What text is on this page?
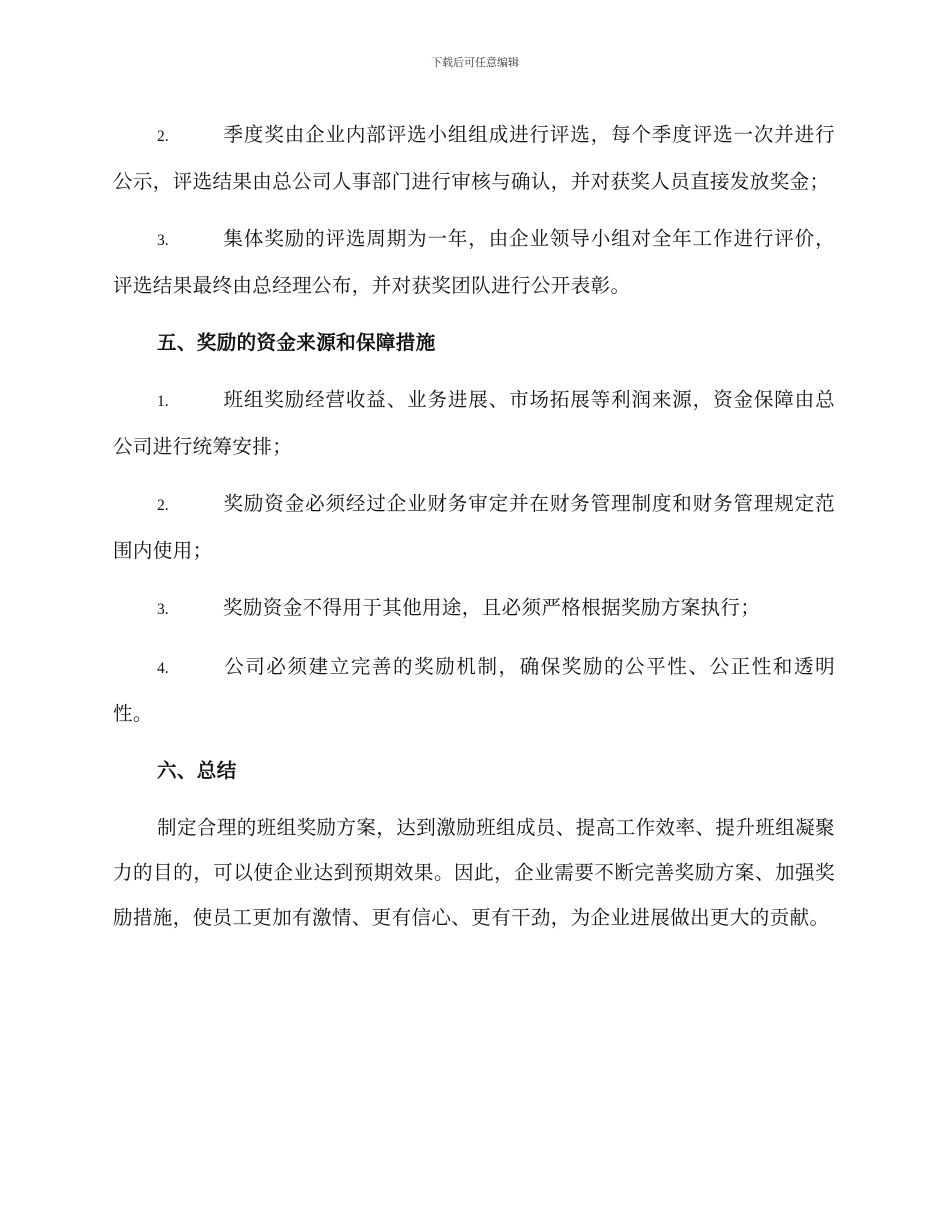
下载后可任意编辑

2.	季度奖由企业内部评选小组组成进行评选，每个季度评选一次并进行公示，评选结果由总公司人事部门进行审核与确认，并对获奖人员直接发放奖金；

3.	集体奖励的评选周期为一年，由企业领导小组对全年工作进行评价，评选结果最终由总经理公布，并对获奖团队进行公开表彰。

五、奖励的资金来源和保障措施

1.	班组奖励经营收益、业务进展、市场拓展等利润来源，资金保障由总公司进行统筹安排；

2.	奖励资金必须经过企业财务审定并在财务管理制度和财务管理规定范围内使用；

3.	奖励资金不得用于其他用途，且必须严格根据奖励方案执行；

4.	公司必须建立完善的奖励机制，确保奖励的公平性、公正性和透明性。

六、总结

制定合理的班组奖励方案，达到激励班组成员、提高工作效率、提升班组凝聚力的目的，可以使企业达到预期效果。因此，企业需要不断完善奖励方案、加强奖励措施，使员工更加有激情、更有信心、更有干劲，为企业进展做出更大的贡献。
